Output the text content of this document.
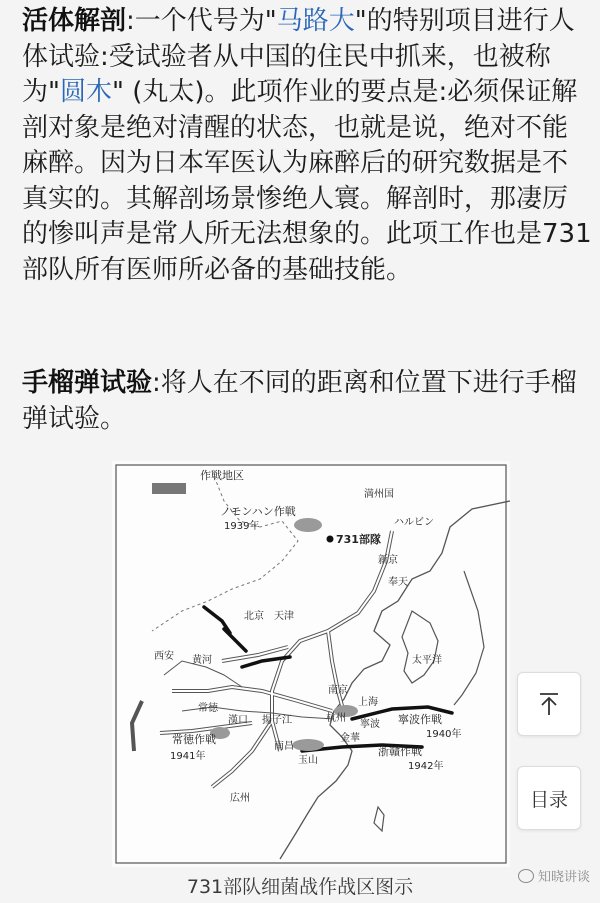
活体解剖:一个代号为"马路大"的特别项目进行人体试验:受试验者从中国的住民中抓来，也被称为"圆木" (丸太)。此项作业的要点是:必须保证解剖对象是绝对清醒的状态，也就是说，绝对不能麻醉。因为日本军医认为麻醉后的研究数据是不真实的。其解剖场景惨绝人寰。解剖时，那凄厉的惨叫声是常人所无法想象的。此项工作也是731部队所有医师所必备的基础技能。
手榴弹试验:将人在不同的距离和位置下进行手榴弹试验。
作戦地区
ノモンハン作戦
1939年
満州国
ハルビン
731部隊
新京
奉天
北京 天津
西安 黄河
南京
上海
杭州
寧波
揚子江
漢口
南昌
常徳
金華
玉山
太平洋
寧波作戦
1940年
常徳作戦
1941年	浙贛作戦
1942年
広州
731部队细菌战作战区图示
目录
知晓讲谈
